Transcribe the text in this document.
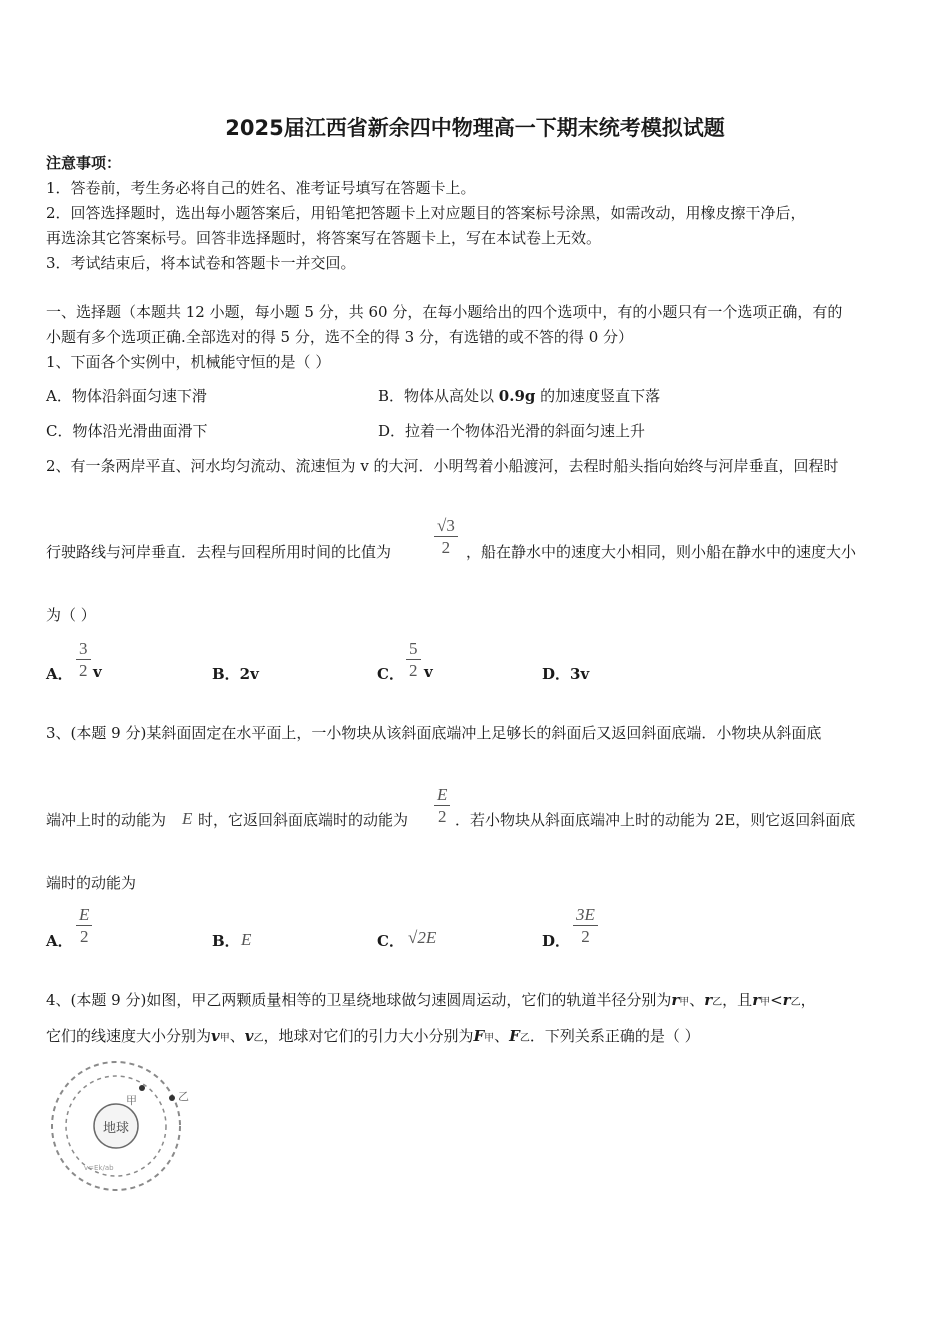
2025届江西省新余四中物理高一下期末统考模拟试题
注意事项：
1．答卷前，考生务必将自己的姓名、准考证号填写在答题卡上。
2．回答选择题时，选出每小题答案后，用铅笔把答题卡上对应题目的答案标号涂黑，如需改动，用橡皮擦干净后，
再选涂其它答案标号。回答非选择题时，将答案写在答题卡上，写在本试卷上无效。
3．考试结束后，将本试卷和答题卡一并交回。
一、选择题（本题共 12 小题，每小题 5 分，共 60 分，在每小题给出的四个选项中，有的小题只有一个选项正确，有的
小题有多个选项正确.全部选对的得 5 分，选不全的得 3 分，有选错的或不答的得 0 分）
1、下面各个实例中，机械能守恒的是（ ）
A．物体沿斜面匀速下滑	B．物体从高处以 0.9g 的加速度竖直下落
C．物体沿光滑曲面滑下	D．拉着一个物体沿光滑的斜面匀速上升
2、有一条两岸平直、河水均匀流动、流速恒为 v 的大河．小明驾着小船渡河，去程时船头指向始终与河岸垂直，回程时
行驶路线与河岸垂直．去程与回程所用时间的比值为	$\frac{√3}{2}$ ，船在静水中的速度大小相同，则小船在静水中的速度大小
为（ ）
A． $\frac{3}{2}$ v	B．2v	C． $\frac{5}{2}$ v	D．3v
3、(本题 9 分)某斜面固定在水平面上，一小物块从该斜面底端冲上足够长的斜面后又返回斜面底端．小物块从斜面底
端冲上时的动能为 E 时，它返回斜面底端时的动能为 $\frac{E}{2}$ ．若小物块从斜面底端冲上时的动能为 2E，则它返回斜面底
端时的动能为
A． $\frac{E}{2}$	B． E	C． √2E	D． $\frac{3E}{2}$
4、(本题 9 分)如图，甲乙两颗质量相等的卫星绕地球做匀速圆周运动，它们的轨道半径分别为r甲、r乙，且r甲<r乙，
它们的线速度大小分别为v甲、v乙，地球对它们的引力大小分别为F甲、F乙．下列关系正确的是（ ）
地球
甲	乙
v=Ek/ab
